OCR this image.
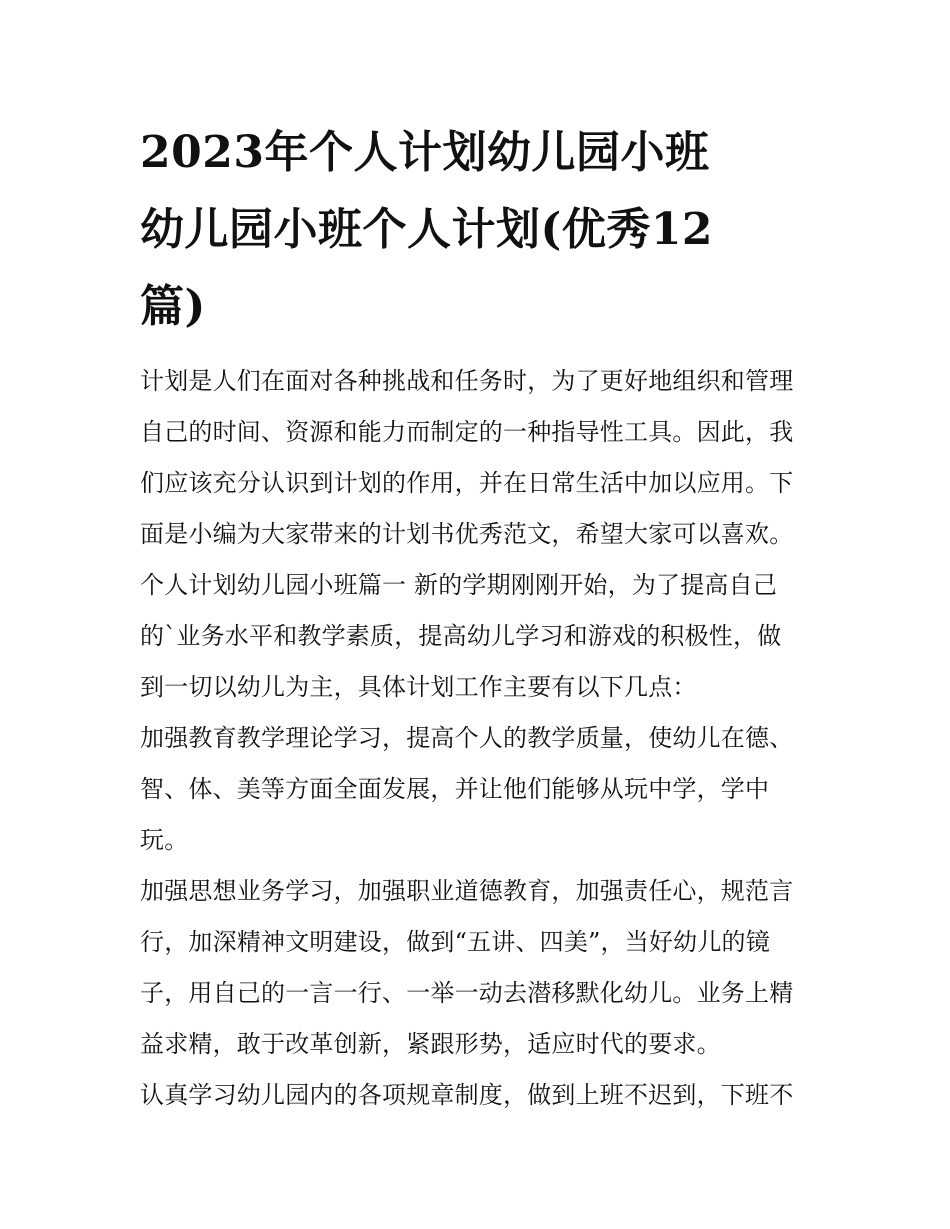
2023年个人计划幼儿园小班
幼儿园小班个人计划(优秀12
篇)
计划是人们在面对各种挑战和任务时，为了更好地组织和管理
自己的时间、资源和能力而制定的一种指导性工具。因此，我
们应该充分认识到计划的作用，并在日常生活中加以应用。下
面是小编为大家带来的计划书优秀范文，希望大家可以喜欢。
个人计划幼儿园小班篇一 新的学期刚刚开始，为了提高自己
的`业务水平和教学素质，提高幼儿学习和游戏的积极性，做
到一切以幼儿为主，具体计划工作主要有以下几点：
加强教育教学理论学习，提高个人的教学质量，使幼儿在德、
智、体、美等方面全面发展，并让他们能够从玩中学，学中
玩。
加强思想业务学习，加强职业道德教育，加强责任心，规范言
行，加深精神文明建设，做到“五讲、四美”，当好幼儿的镜
子，用自己的一言一行、一举一动去潜移默化幼儿。业务上精
益求精，敢于改革创新，紧跟形势，适应时代的要求。
认真学习幼儿园内的各项规章制度，做到上班不迟到，下班不
